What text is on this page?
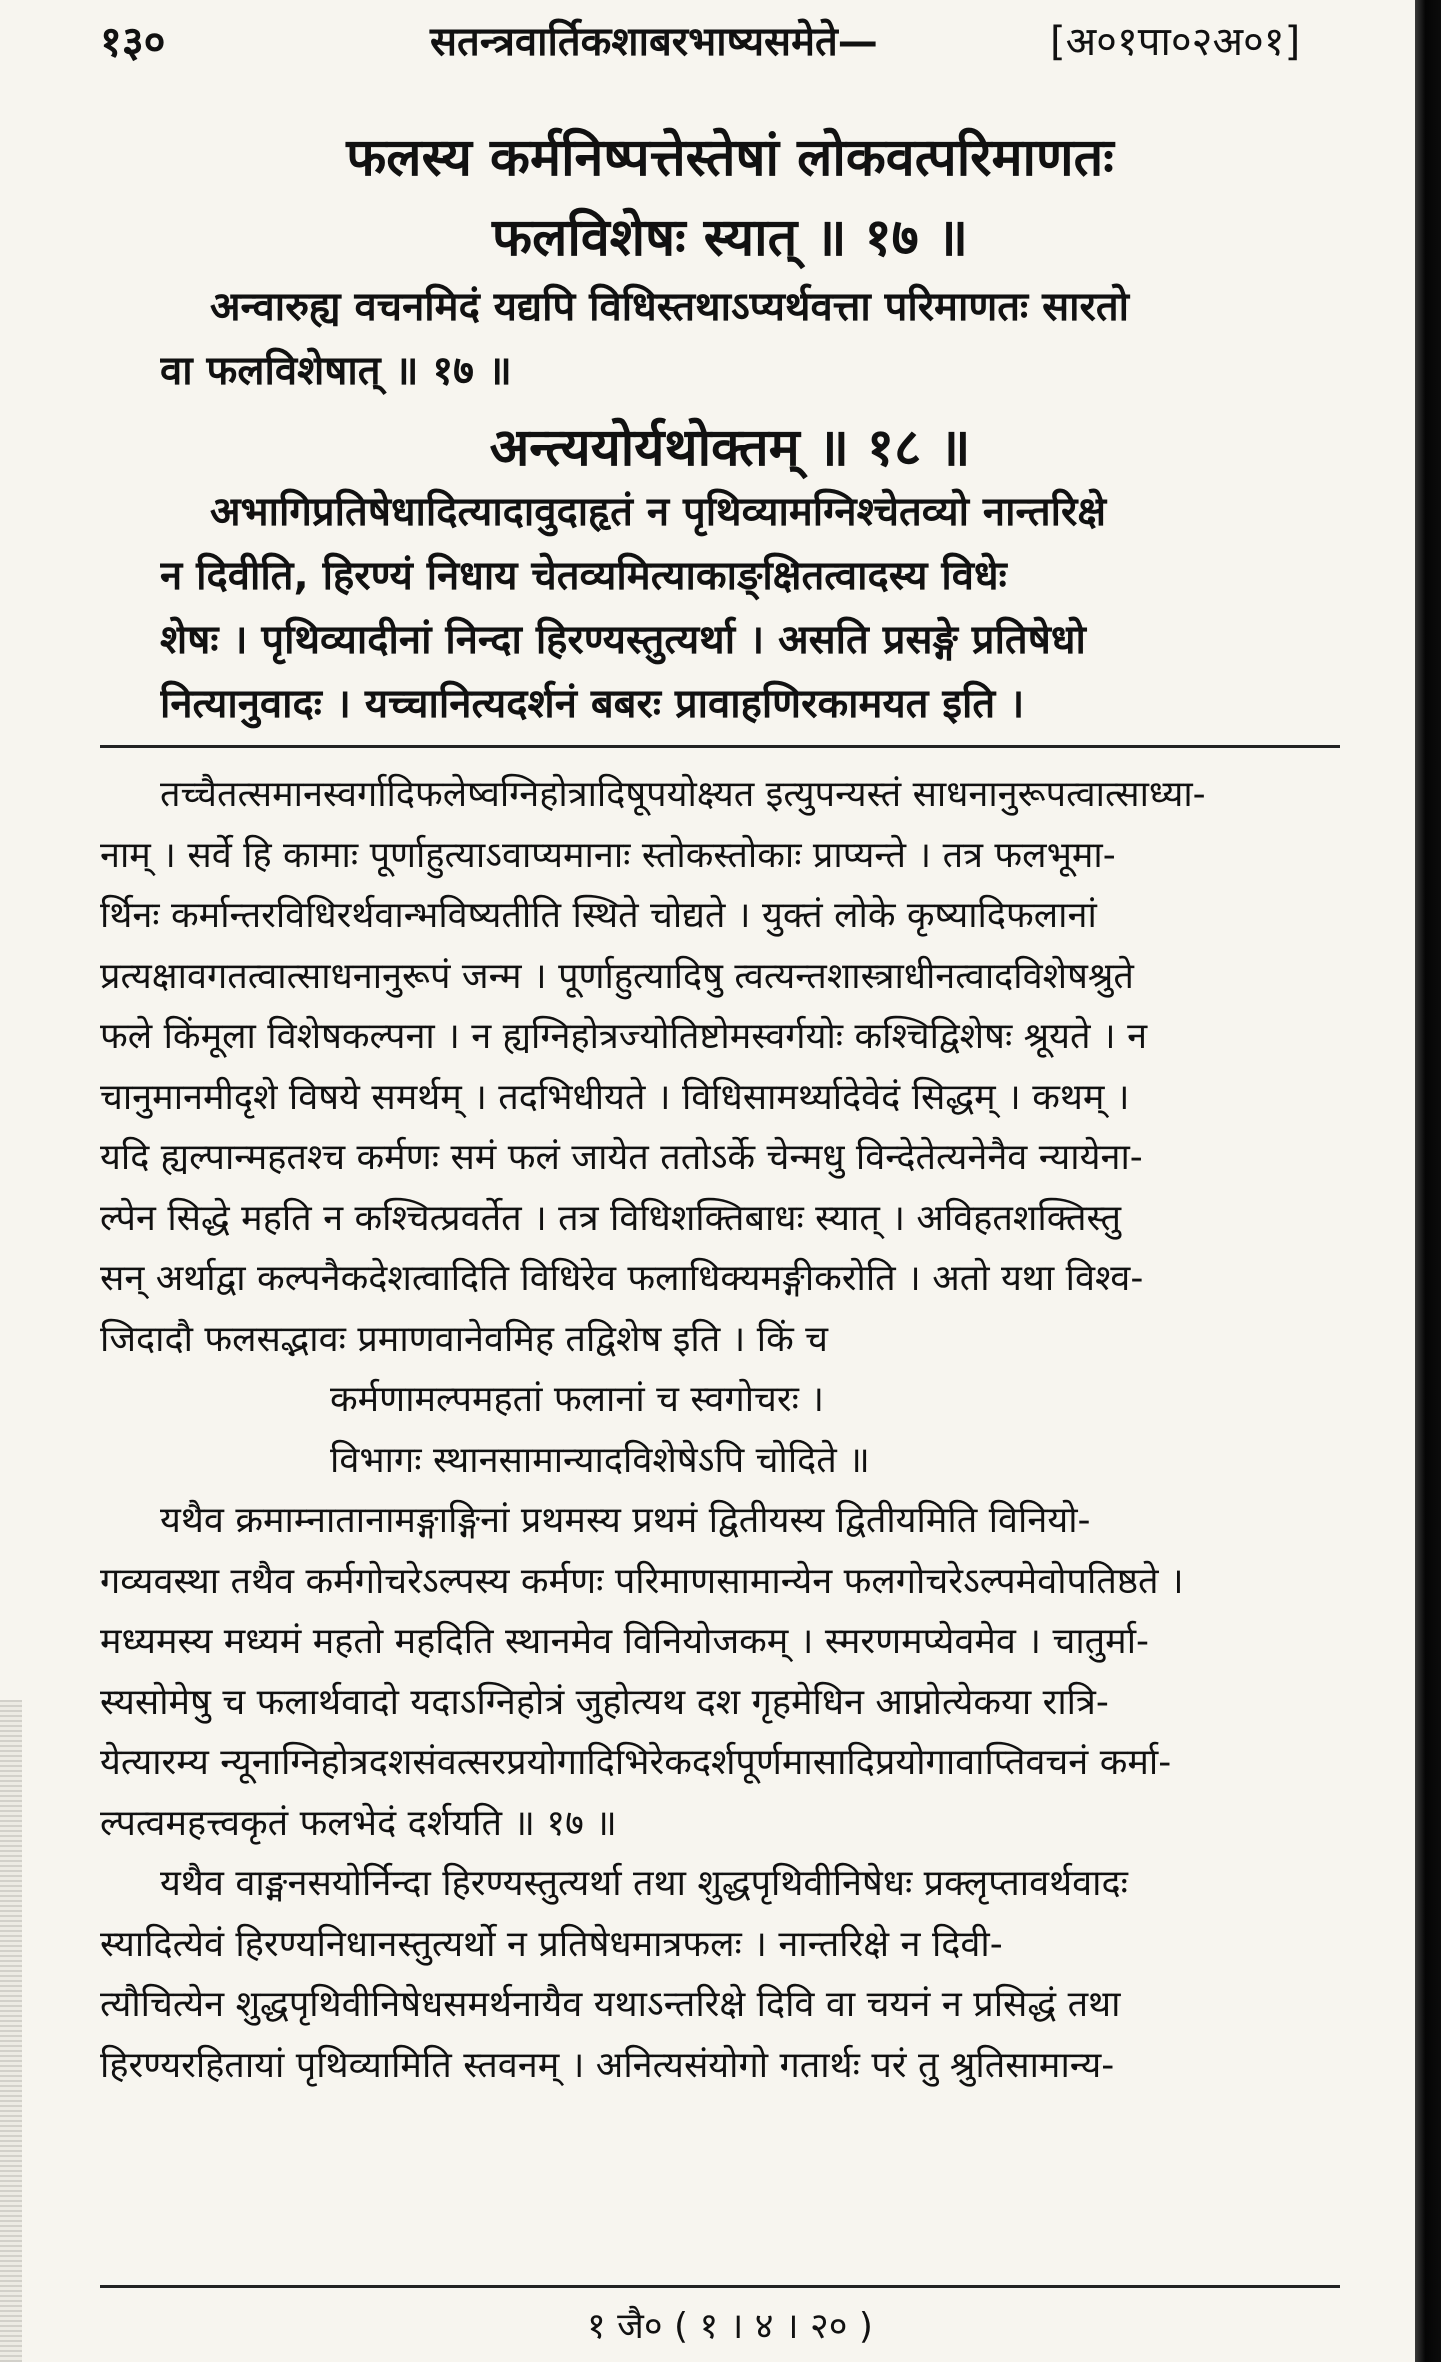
१३०	सतन्त्रवार्तिकशाबरभाष्यसमेते—	[अ०१पा०२अ०१]
फलस्य कर्मनिष्पत्तेस्तेषां लोकवत्परिमाणतः
फलविशेषः स्यात् ॥ १७ ॥
अन्वारुह्य वचनमिदं यद्यपि विधिस्तथाऽप्यर्थवत्ता परिमाणतः सारतो
वा फलविशेषात् ॥ १७ ॥
अन्त्ययोर्यथोक्तम् ॥ १८ ॥
अभागिप्रतिषेधादित्यादावुदाहृतं न पृथिव्यामग्निश्चेतव्यो नान्तरिक्षे
न दिवीति, हिरण्यं निधाय चेतव्यमित्याकाङ्क्षितत्वादस्य विधेः
शेषः । पृथिव्यादीनां निन्दा हिरण्यस्तुत्यर्था । असति प्रसङ्गे प्रतिषेधो
नित्यानुवादः । यच्चानित्यदर्शनं बबरः प्रावाहणिरकामयत इति ।
तच्चैतत्समानस्वर्गादिफलेष्वग्निहोत्रादिषूपयोक्ष्यत इत्युपन्यस्तं साधनानुरूपत्वात्साध्या-
नाम् । सर्वे हि कामाः पूर्णाहुत्याऽवाप्यमानाः स्तोकस्तोकाः प्राप्यन्ते । तत्र फलभूमा-
र्थिनः कर्मान्तरविधिरर्थवान्भविष्यतीति स्थिते चोद्यते । युक्तं लोके कृष्यादिफलानां
प्रत्यक्षावगतत्वात्साधनानुरूपं जन्म । पूर्णाहुत्यादिषु त्वत्यन्तशास्त्राधीनत्वादविशेषश्रुते
फले किंमूला विशेषकल्पना । न ह्यग्निहोत्रज्योतिष्टोमस्वर्गयोः कश्चिद्विशेषः श्रूयते । न
चानुमानमीदृशे विषये समर्थम् । तदभिधीयते । विधिसामर्थ्यादेवेदं सिद्धम् । कथम् ।
यदि ह्यल्पान्महतश्च कर्मणः समं फलं जायेत ततोऽर्के चेन्मधु विन्देतेत्यनेनैव न्यायेना-
ल्पेन सिद्धे महति न कश्चित्प्रवर्तेत । तत्र विधिशक्तिबाधः स्यात् । अविहतशक्तिस्तु
सन् अर्थाद्वा कल्पनैकदेशत्वादिति विधिरेव फलाधिक्यमङ्गीकरोति । अतो यथा विश्व-
जिदादौ फलसद्भावः प्रमाणवानेवमिह तद्विशेष इति । किं च
कर्मणामल्पमहतां फलानां च स्वगोचरः ।
विभागः स्थानसामान्यादविशेषेऽपि चोदिते ॥
यथैव क्रमाम्नातानामङ्गाङ्गिनां प्रथमस्य प्रथमं द्वितीयस्य द्वितीयमिति विनियो-
गव्यवस्था तथैव कर्मगोचरेऽल्पस्य कर्मणः परिमाणसामान्येन फलगोचरेऽल्पमेवोपतिष्ठते ।
मध्यमस्य मध्यमं महतो महदिति स्थानमेव विनियोजकम् । स्मरणमप्येवमेव । चातुर्मा-
स्यसोमेषु च फलार्थवादो यदाऽग्निहोत्रं जुहोत्यथ दश गृहमेधिन आप्नोत्येकया रात्रि-
येत्यारम्य न्यूनाग्निहोत्रदशसंवत्सरप्रयोगादिभिरेकदर्शपूर्णमासादिप्रयोगावाप्तिवचनं कर्मा-
ल्पत्वमहत्त्वकृतं फलभेदं दर्शयति ॥ १७ ॥
यथैव वाङ्मनसयोर्निन्दा हिरण्यस्तुत्यर्था तथा शुद्धपृथिवीनिषेधः प्रक्लृप्तावर्थवादः
स्यादित्येवं हिरण्यनिधानस्तुत्यर्थो न प्रतिषेधमात्रफलः । नान्तरिक्षे न दिवी-
त्यौचित्येन शुद्धपृथिवीनिषेधसमर्थनायैव यथाऽन्तरिक्षे दिवि वा चयनं न प्रसिद्धं तथा
हिरण्यरहितायां पृथिव्यामिति स्तवनम् । अनित्यसंयोगो गतार्थः परं तु श्रुतिसामान्य-
१ जै० ( १ । ४ । २० )
